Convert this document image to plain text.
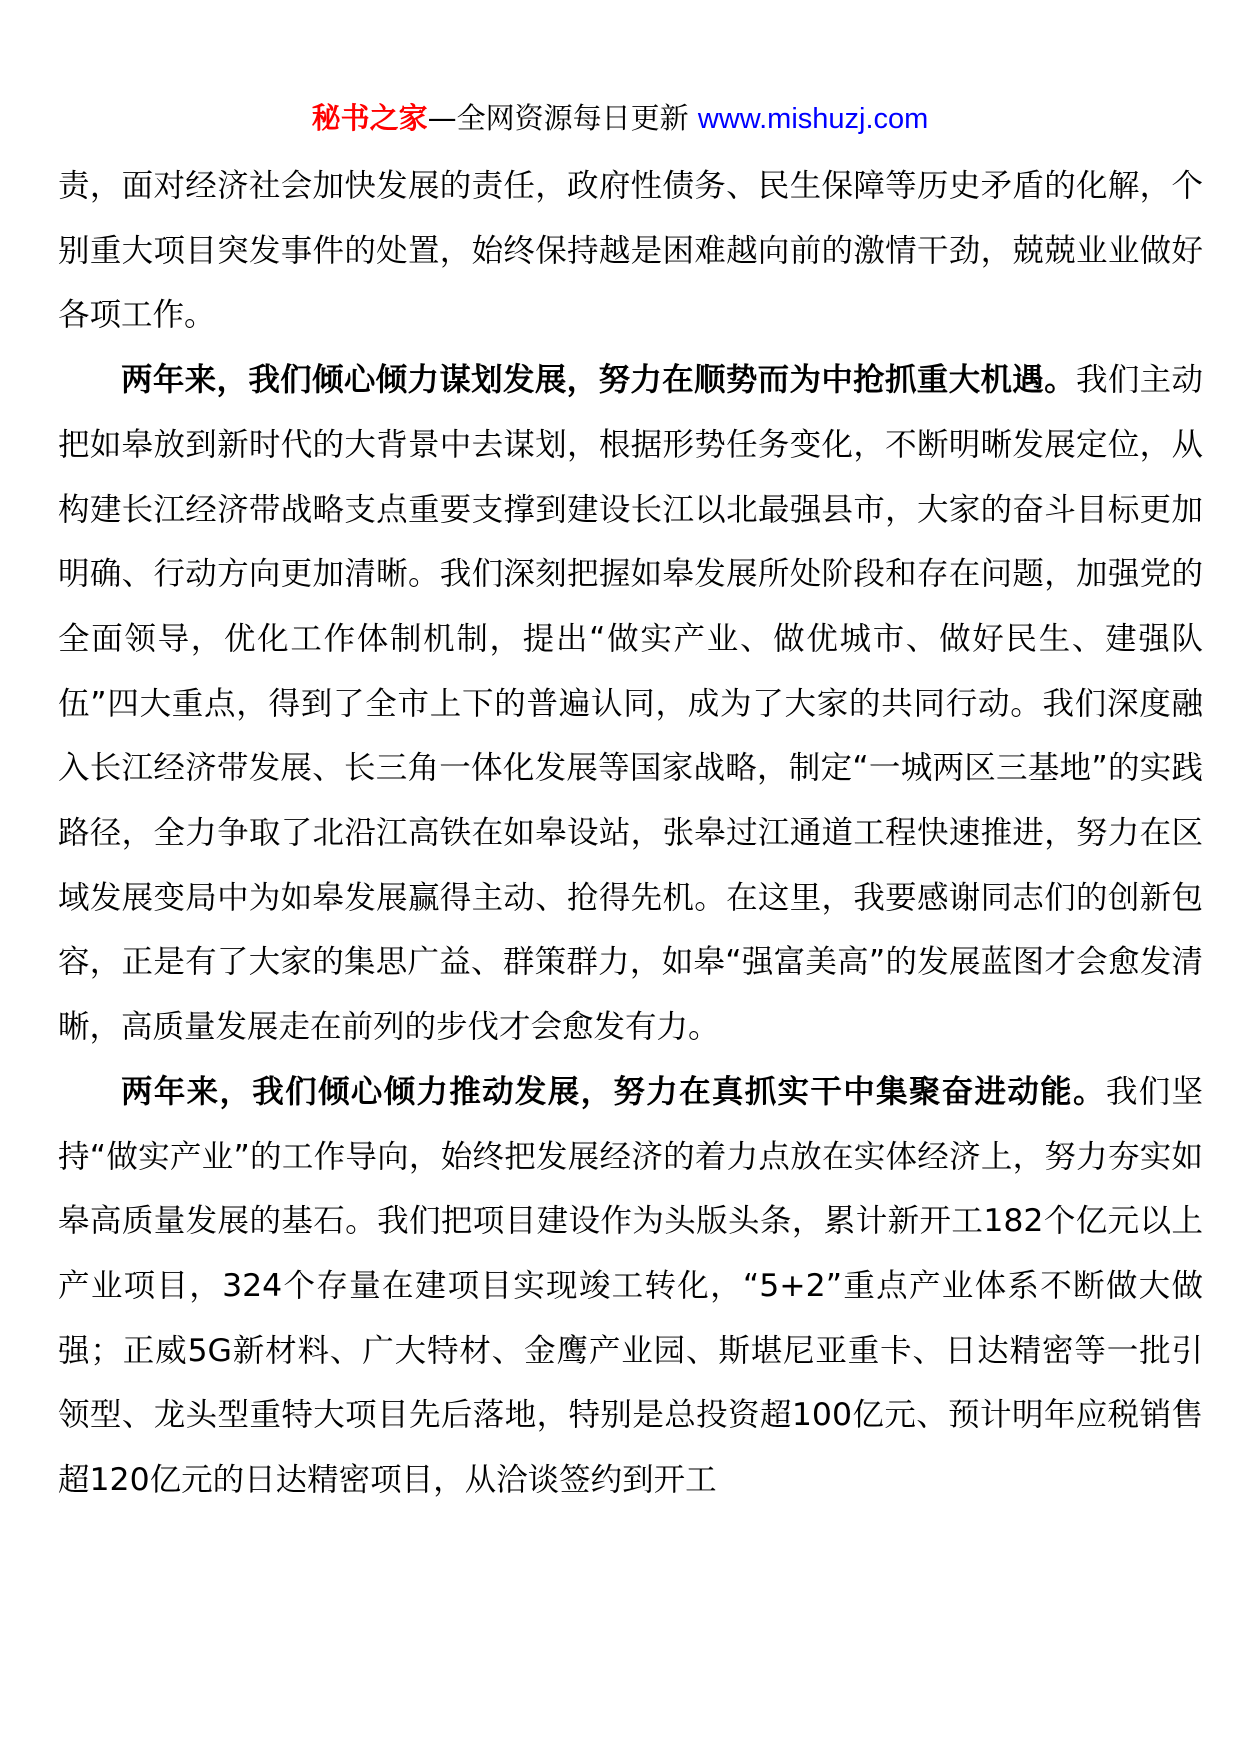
秘书之家—全网资源每日更新 www.mishuzj.com

责，面对经济社会加快发展的责任，政府性债务、民生保障等历史矛盾的化解，个别重大项目突发事件的处置，始终保持越是困难越向前的激情干劲，兢兢业业做好各项工作。

两年来，我们倾心倾力谋划发展，努力在顺势而为中抢抓重大机遇。我们主动把如皋放到新时代的大背景中去谋划，根据形势任务变化，不断明晰发展定位，从构建长江经济带战略支点重要支撑到建设长江以北最强县市，大家的奋斗目标更加明确、行动方向更加清晰。我们深刻把握如皋发展所处阶段和存在问题，加强党的全面领导，优化工作体制机制，提出“做实产业、做优城市、做好民生、建强队伍”四大重点，得到了全市上下的普遍认同，成为了大家的共同行动。我们深度融入长江经济带发展、长三角一体化发展等国家战略，制定“一城两区三基地”的实践路径，全力争取了北沿江高铁在如皋设站，张皋过江通道工程快速推进，努力在区域发展变局中为如皋发展赢得主动、抢得先机。在这里，我要感谢同志们的创新包容，正是有了大家的集思广益、群策群力，如皋“强富美高”的发展蓝图才会愈发清晰，高质量发展走在前列的步伐才会愈发有力。

两年来，我们倾心倾力推动发展，努力在真抓实干中集聚奋进动能。我们坚持“做实产业”的工作导向，始终把发展经济的着力点放在实体经济上，努力夯实如皋高质量发展的基石。我们把项目建设作为头版头条，累计新开工182个亿元以上产业项目，324个存量在建项目实现竣工转化，“5+2”重点产业体系不断做大做强；正威5G新材料、广大特材、金鹰产业园、斯堪尼亚重卡、日达精密等一批引领型、龙头型重特大项目先后落地，特别是总投资超100亿元、预计明年应税销售超120亿元的日达精密项目，从洽谈签约到开工
